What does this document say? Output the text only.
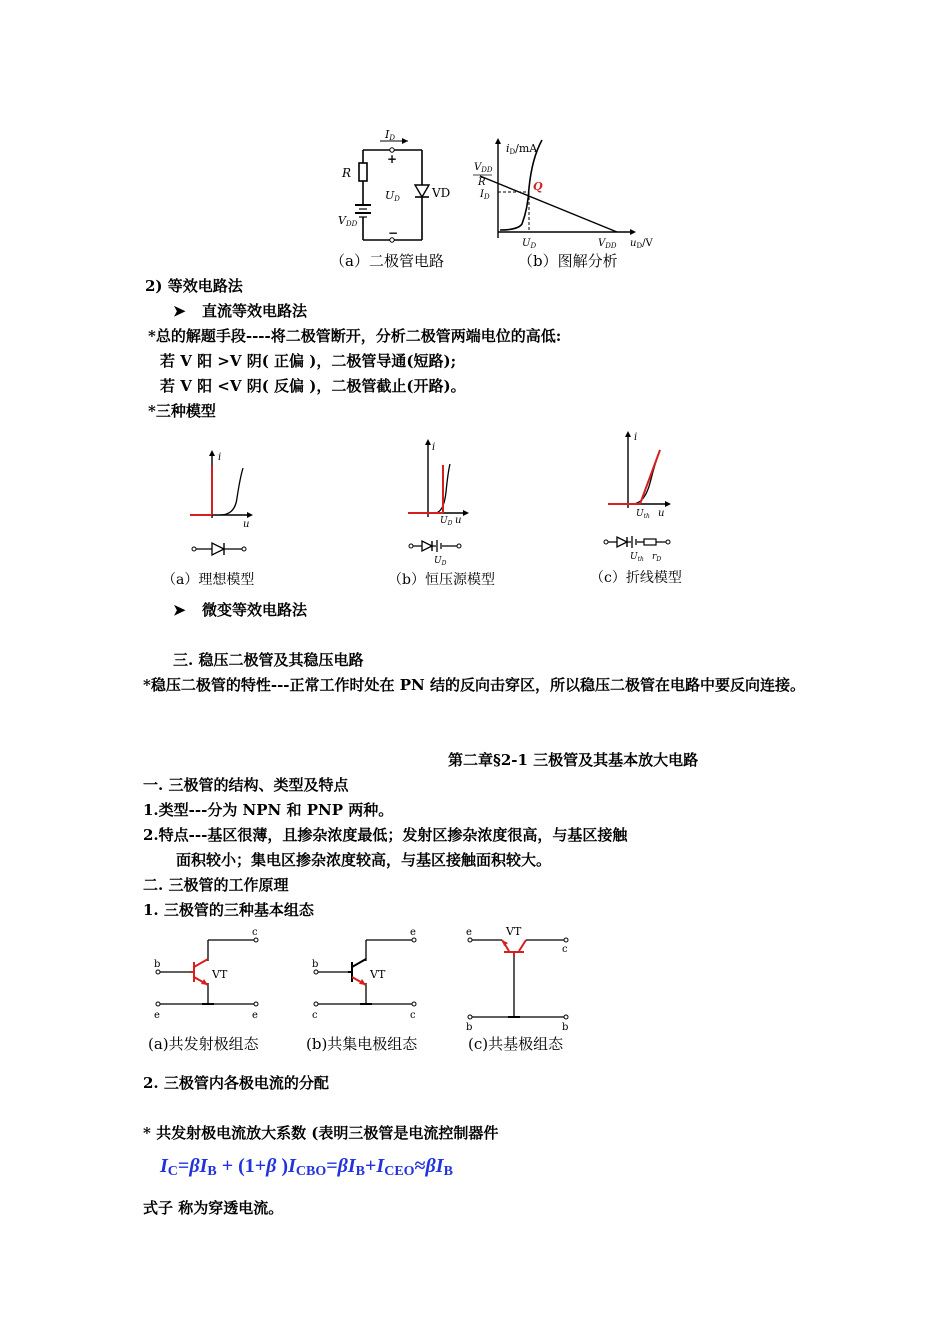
ID
+
R
UD	VD
VDD
−
iD/mA
$V_{DD}$
R
$I_D$
Q
$U_D$	$V_{DD}$ $u_D/V$
（a）二极管电路	（b）图解分析
2) 等效电路法
➤ 直流等效电路法
*总的解题手段----将二极管断开，分析二极管两端电位的高低:
若 V 阳 >V 阴( 正偏 )，二极管导通(短路);
若 V 阳 <V 阴( 反偏 )，二极管截止(开路)。
*三种模型
i
u
（a）理想模型
i
$U_D$ u
$U_D$
（b）恒压源模型
i
$U_{th}$ u
$U_{th}$ $r_D$
（c）折线模型
➤ 微变等效电路法
三. 稳压二极管及其稳压电路
*稳压二极管的特性---正常工作时处在 PN 结的反向击穿区，所以稳压二极管在电路中要反向连接。
第二章§2-1 三极管及其基本放大电路
一. 三极管的结构、类型及特点
1.类型---分为 NPN 和 PNP 两种。
2.特点---基区很薄，且掺杂浓度最低；发射区掺杂浓度很高，与基区接触
面积较小；集电区掺杂浓度较高，与基区接触面积较大。
二. 三极管的工作原理
1. 三极管的三种基本组态
b
c
VT
e	e
(a)共发射极组态
b
e
VT
c	c
(b)共集电极组态
e	VT
c
b	b
(c)共基极组态
2. 三极管内各极电流的分配
* 共发射极电流放大系数 (表明三极管是电流控制器件
$I_C=\beta I_B + (1+\beta$ )$I_{CBO}=\beta I_B+I_{CEO}\approx\beta I_B$
式子 称为穿透电流。
